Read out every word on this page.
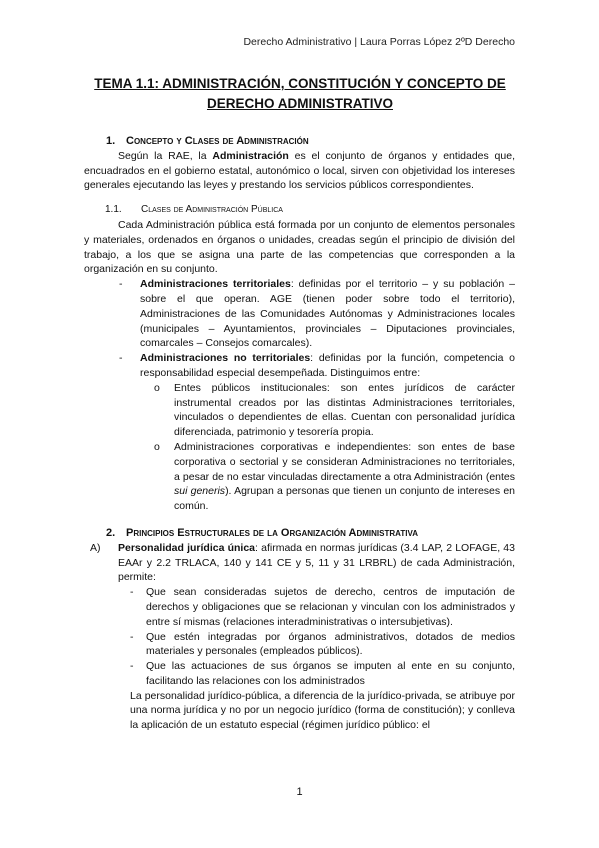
Derecho Administrativo | Laura Porras López 2ºD Derecho
TEMA 1.1: ADMINISTRACIÓN, CONSTITUCIÓN Y CONCEPTO DE DERECHO ADMINISTRATIVO
1. Concepto y Clases de Administración

Según la RAE, la Administración es el conjunto de órganos y entidades que, encuadrados en el gobierno estatal, autonómico o local, sirven con objetividad los intereses generales ejecutando las leyes y prestando los servicios públicos correspondientes.

1.1. Clases de Administración Pública

Cada Administración pública está formada por un conjunto de elementos personales y materiales, ordenados en órganos o unidades, creadas según el principio de división del trabajo, a los que se asigna una parte de las competencias que corresponden a la organización en su conjunto.

- Administraciones territoriales: definidas por el territorio – y su población – sobre el que operan. AGE (tienen poder sobre todo el territorio), Administraciones de las Comunidades Autónomas y Administraciones locales (municipales – Ayuntamientos, provinciales – Diputaciones provinciales, comarcales – Consejos comarcales).
- Administraciones no territoriales: definidas por la función, competencia o responsabilidad especial desempeñada. Distinguimos entre:
o Entes públicos institucionales: son entes jurídicos de carácter instrumental creados por las distintas Administraciones territoriales, vinculados o dependientes de ellas. Cuentan con personalidad jurídica diferenciada, patrimonio y tesorería propia.
o Administraciones corporativas e independientes: son entes de base corporativa o sectorial y se consideran Administraciones no territoriales, a pesar de no estar vinculadas directamente a otra Administración (entes sui generis). Agrupan a personas que tienen un conjunto de intereses en común.
2. Principios Estructurales de la Organización Administrativa
A) Personalidad jurídica única: afirmada en normas jurídicas (3.4 LAP, 2 LOFAGE, 43 EAAr y 2.2 TRLACA, 140 y 141 CE y 5, 11 y 31 LRBRL) de cada Administración, permite:
- Que sean consideradas sujetos de derecho, centros de imputación de derechos y obligaciones que se relacionan y vinculan con los administrados y entre sí mismas (relaciones interadministrativas o intersubjetivas).
- Que estén integradas por órganos administrativos, dotados de medios materiales y personales (empleados públicos).
- Que las actuaciones de sus órganos se imputen al ente en su conjunto, facilitando las relaciones con los administrados
La personalidad jurídico-pública, a diferencia de la jurídico-privada, se atribuye por una norma jurídica y no por un negocio jurídico (forma de constitución); y conlleva la aplicación de un estatuto especial (régimen jurídico público: el
1
